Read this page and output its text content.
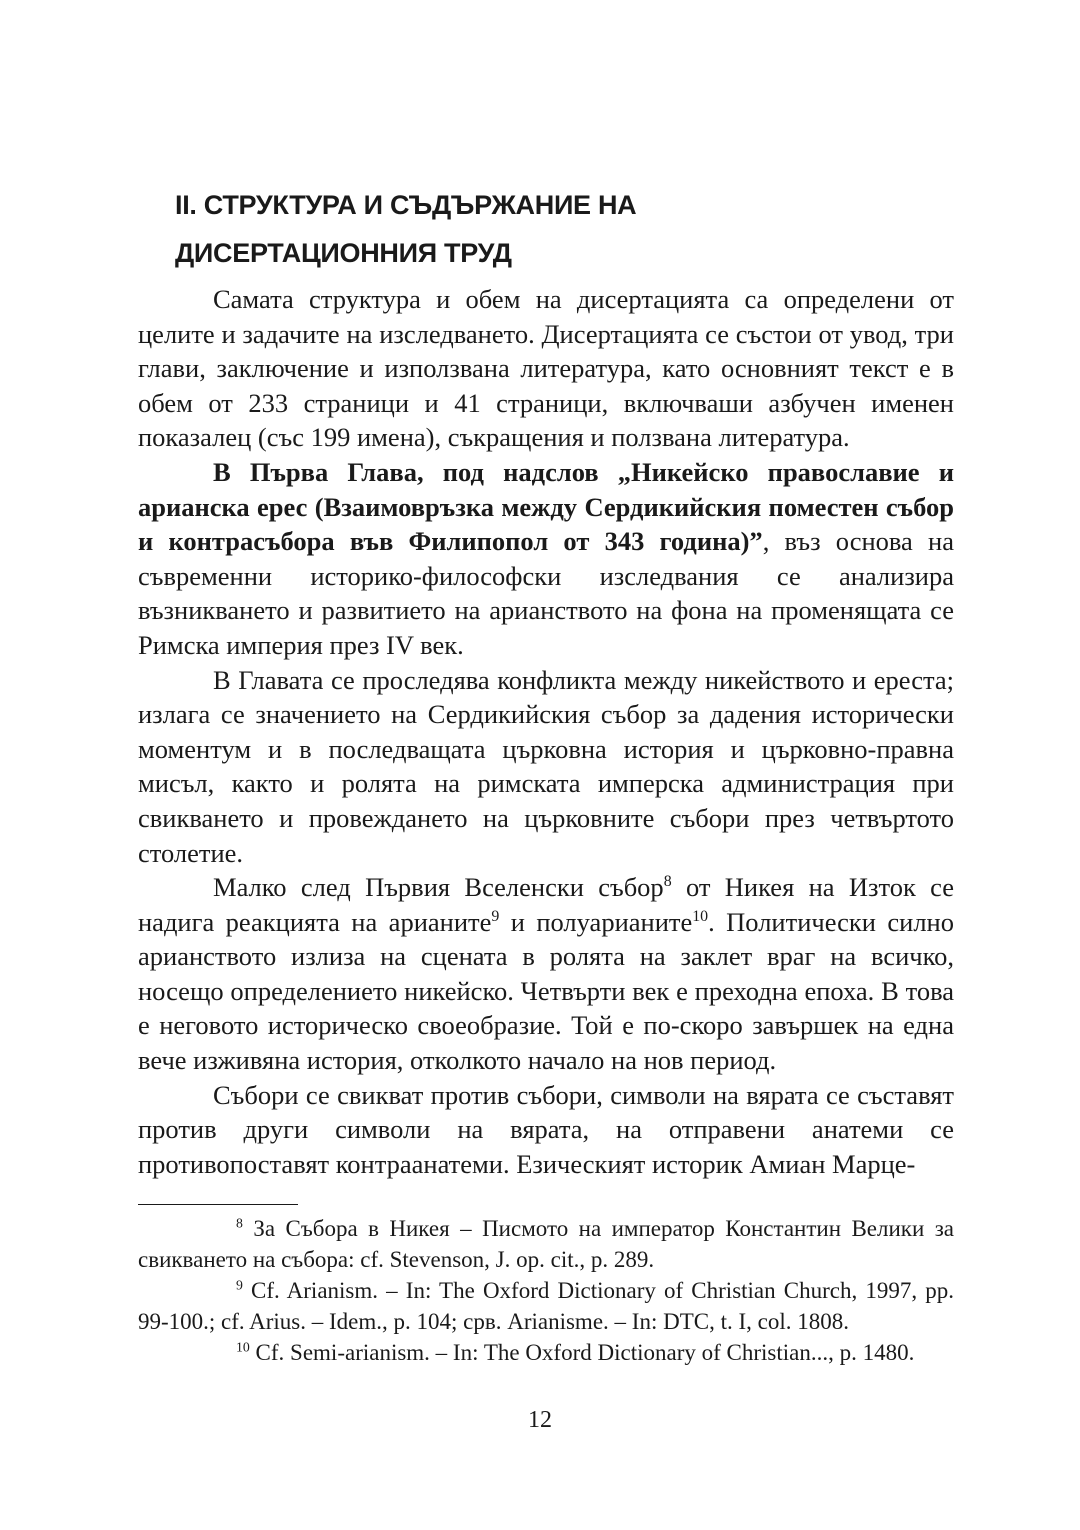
II. СТРУКТУРА И СЪДЪРЖАНИЕ НА
ДИСЕРТАЦИОННИЯ ТРУД

Самата структура и обем на дисертацията са определени от целите и задачите на изследването. Дисертацията се състои от увод, три глави, заключение и използвана литература, като основният текст е в обем от 233 страници и 41 страници, включваши азбучен именен показалец (със 199 имена), съкращения и ползвана литература.

В Първа Глава, под надслов „Никейско православие и арианска ерес (Взаимовръзка между Сердикийския поместен събор и контрасъбора във Филипопол от 343 година)”, въз основа на съвременни историко-философски изследвания се анализира възникването и развитието на арианството на фона на променящата се Римска империя през IV век.

В Главата се проследява конфликта между никейството и ереста; излага се значението на Сердикийския събор за дадения исторически моментум и в последващата църковна история и църковно-правна мисъл, както и ролята на римската имперска администрация при свикването и провеждането на църковните събори през четвъртото столетие.

Малко след Първия Вселенски събор$^8$ от Никея на Изток се надига реакцията на арианите$^9$ и полуарианите$^{10}$. Политически силно арианството излиза на сцената в ролята на заклет враг на всичко, носещо определението никейско. Четвърти век е преходна епоха. В това е неговото историческо своеобразие. Той е по-скоро завършек на една вече изживяна история, отколкото начало на нов период.

Събори се свикват против събори, символи на вярата се съставят против други символи на вярата, на отправени анатеми се противопоставят контраанатеми. Езическият историк Амиан Марце-

$^8$ За Събора в Никея – Писмото на император Константин Велики за свикването на събора: cf. Stevenson, J. op. cit., p. 289.

$^9$ Cf. Arianism. – In: The Oxford Dictionary of Christian Church, 1997, pp. 99-100.; cf. Arius. – Idem., p. 104; срв. Arianisme. – In: DTC, t. I, col. 1808.

$^{10}$ Cf. Semi-arianism. – In: The Oxford Dictionary of Christian..., p. 1480.

12
